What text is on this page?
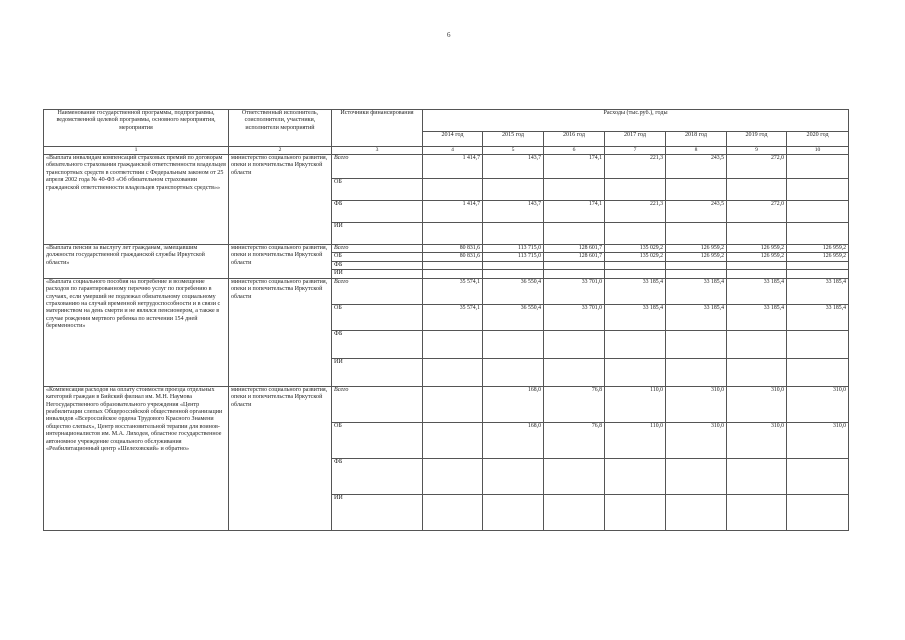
6
Наименование государственной программы, подпрограммы, ведомственной целевой программы, основного мероприятия, мероприятия	Ответственный исполнитель, соисполнители, участники, исполнители мероприятий	Источники финансирования	Расходы (тыс.руб.), годы						
			2014 год	2015 год	2016 год	2017 год	2018 год	2019 год	2020 год
1	2	3	4	5	6	7	8	9	10
«Выплата инвалидам компенсаций страховых премий по договорам обязательного страхования гражданской ответственности владельцев транспортных средств в соответствии с Федеральным законом от 25 апреля 2002 года № 40-ФЗ «Об обязательном страховании гражданской ответственности владельцев транспортных средств»»	министерство социального развития, опеки и попечительства Иркутской области	Всего	1 414,7	143,7	174,1	221,3	243,5	272,0	
		ОБ							
		ФБ	1 414,7	143,7	174,1	221,3	243,5	272,0	
		ИИ							
«Выплата пенсии за выслугу лет гражданам, замещавшим должности государственной гражданской службы Иркутской области»	министерство социального развития, опеки и попечительства Иркутской области	Всего	80 831,6	113 715,0	128 601,7	135 029,2	126 959,2	126 959,2	126 959,2
		ОБ	80 831,6	113 715,0	128 601,7	135 029,2	126 959,2	126 959,2	126 959,2
		ФБ							
		ИИ							
«Выплата социального пособия на погребение и возмещение расходов по гарантированному перечню услуг по погребению в случаях, если умерший не подлежал обязательному социальному страхованию на случай временной нетрудоспособности и в связи с материнством на день смерти и не являлся пенсионером, а также в случае рождения мертвого ребенка по истечении 154 дней беременности»	министерство социального развития, опеки и попечительства Иркутской области	Всего	35 574,1	36 550,4	33 701,0	33 185,4	33 185,4	33 185,4	33 185,4
		ОБ	35 574,1	36 550,4	33 701,0	33 185,4	33 185,4	33 185,4	33 185,4
		ФБ							
		ИИ							
«Компенсация расходов на оплату стоимости проезда отдельных категорий граждан в Бийский филиал им. М.Н. Наумова Негосударственного образовательного учреждения «Центр реабилитации слепых Общероссийской общественной организации инвалидов «Всероссийское ордена Трудового Красного Знамени общество слепых», Центр восстановительной терапии для воинов-интернационалистов им. М.А. Лиходея, областное государственное автономное учреждение социального обслуживания «Реабилитационный центр «Шелеховский» и обратно»	министерство социального развития, опеки и попечительства Иркутской области	Всего		168,0	76,8	110,0	310,0	310,0	310,0
		ОБ		168,0	76,8	110,0	310,0	310,0	310,0
		ФБ							
		ИИ							
